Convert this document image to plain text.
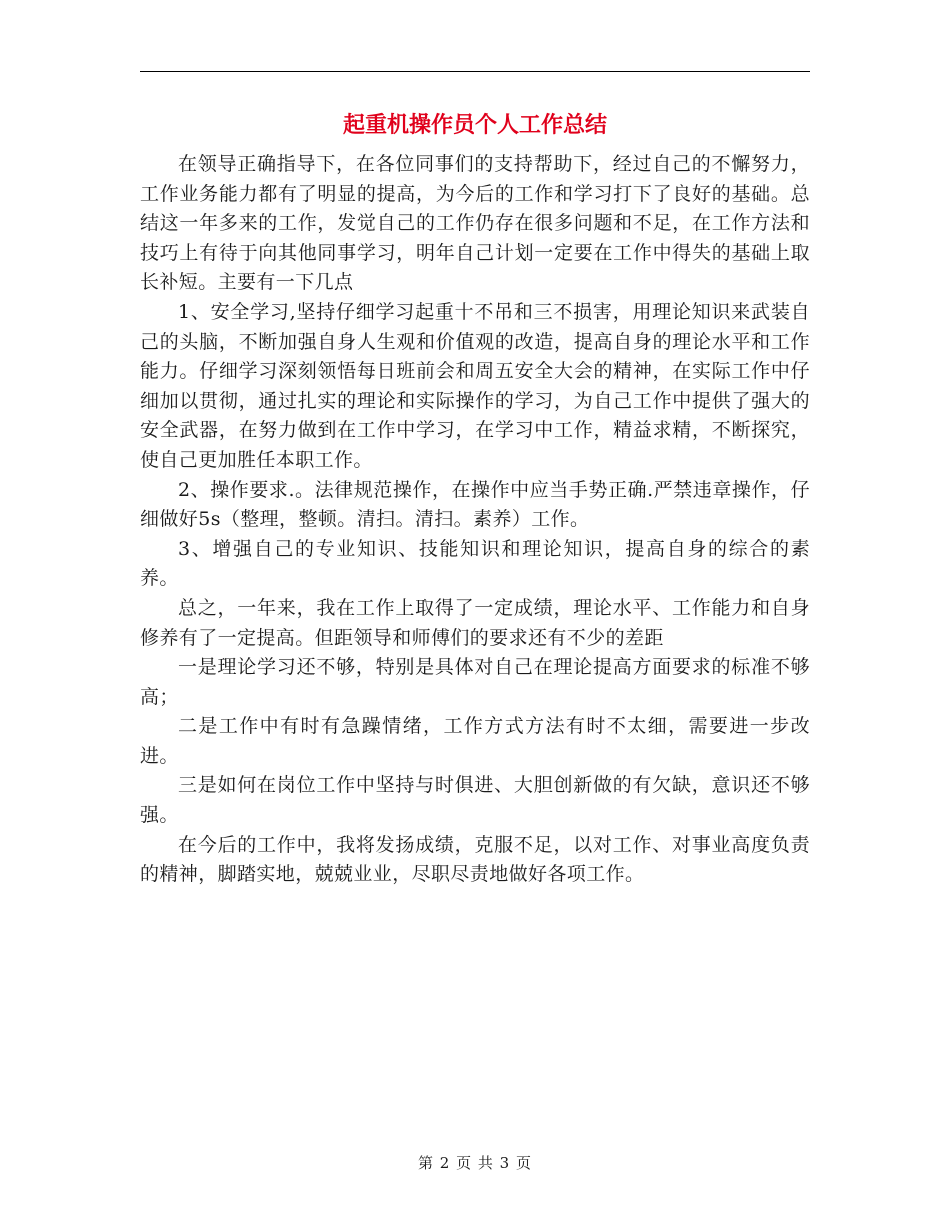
起重机操作员个人工作总结

在领导正确指导下，在各位同事们的支持帮助下，经过自己的不懈努力，工作业务能力都有了明显的提高，为今后的工作和学习打下了良好的基础。总结这一年多来的工作，发觉自己的工作仍存在很多问题和不足，在工作方法和技巧上有待于向其他同事学习，明年自己计划一定要在工作中得失的基础上取长补短。主要有一下几点

1、安全学习,坚持仔细学习起重十不吊和三不损害，用理论知识来武装自己的头脑，不断加强自身人生观和价值观的改造，提高自身的理论水平和工作能力。仔细学习深刻领悟每日班前会和周五安全大会的精神，在实际工作中仔细加以贯彻，通过扎实的理论和实际操作的学习，为自己工作中提供了强大的安全武器，在努力做到在工作中学习，在学习中工作，精益求精，不断探究，使自己更加胜任本职工作。

2、操作要求.。法律规范操作，在操作中应当手势正确.严禁违章操作，仔细做好5s（整理，整顿。清扫。清扫。素养）工作。

3、增强自己的专业知识、技能知识和理论知识，提高自身的综合的素养。

总之，一年来，我在工作上取得了一定成绩，理论水平、工作能力和自身修养有了一定提高。但距领导和师傅们的要求还有不少的差距

一是理论学习还不够，特别是具体对自己在理论提高方面要求的标准不够高；

二是工作中有时有急躁情绪，工作方式方法有时不太细，需要进一步改进。

三是如何在岗位工作中坚持与时俱进、大胆创新做的有欠缺，意识还不够强。

在今后的工作中，我将发扬成绩，克服不足，以对工作、对事业高度负责的精神，脚踏实地，兢兢业业，尽职尽责地做好各项工作。

第 2 页 共 3 页
